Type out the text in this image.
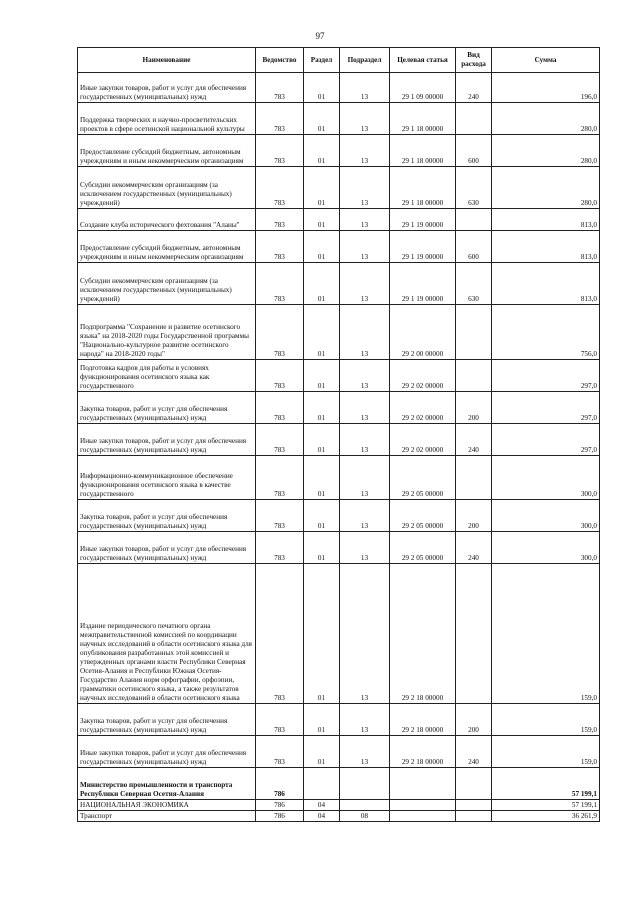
97
Наименование	Ведомство	Раздел	Подраздел	Целевая статья	Вид расхода	Сумма
Иные закупки товаров, работ и услуг для обеспечения государственных (муниципальных) нужд	783	01	13	29 1 09 00000	240	196,0
Поддержка творческих и научно-просветительских проектов в сфере осетинской национальной культуры	783	01	13	29 1 18 00000		280,0
Предоставление субсидий бюджетным, автономным учреждениям и иным некоммерческим организациям	783	01	13	29 1 18 00000	600	280,0
Субсидии некоммерческим организациям (за исключением государственных (муниципальных) учреждений)	783	01	13	29 1 18 00000	630	280,0
Создание клуба исторического фехтования "Аланы"	783	01	13	29 1 19 00000		813,0
Предоставление субсидий бюджетным, автономным учреждениям и иным некоммерческим организациям	783	01	13	29 1 19 00000	600	813,0
Субсидии некоммерческим организациям (за исключением государственных (муниципальных) учреждений)	783	01	13	29 1 19 00000	630	813,0
Подпрограмма "Сохранение и развитие осетинского языка" на 2018-2020 годы Государственной программы "Национально-культурное развитие осетинского народа" на 2018-2020 годы"	783	01	13	29 2 00 00000		756,0
Подготовка кадров для работы в условиях функционирования осетинского языка как государственного	783	01	13	29 2 02 00000		297,0
Закупка товаров, работ и услуг для обеспечения государственных (муниципальных) нужд	783	01	13	29 2 02 00000	200	297,0
Иные закупки товаров, работ и услуг для обеспечения государственных (муниципальных) нужд	783	01	13	29 2 02 00000	240	297,0
Информационно-коммуникационное обеспечение функционирования осетинского языка в качестве государственного	783	01	13	29 2 05 00000		300,0
Закупка товаров, работ и услуг для обеспечения государственных (муниципальных) нужд	783	01	13	29 2 05 00000	200	300,0
Иные закупки товаров, работ и услуг для обеспечения государственных (муниципальных) нужд	783	01	13	29 2 05 00000	240	300,0
Издание периодического печатного органа межправительственной комиссией по координации научных исследований в области осетинского языка для опубликования разработанных этой комиссией и утвержденных органами власти Республики Северная Осетия-Алания и Республики Южная Осетия-Государство Алания норм орфографии, орфоэпии, грамматики осетинского языка, а также результатов научных исследований в области осетинского языка	783	01	13	29 2 18 00000		159,0
Закупка товаров, работ и услуг для обеспечения государственных (муниципальных) нужд	783	01	13	29 2 18 00000	200	159,0
Иные закупки товаров, работ и услуг для обеспечения государственных (муниципальных) нужд	783	01	13	29 2 18 00000	240	159,0
Министерство промышленности и транспорта Республики Северная Осетия-Алания	786					57 199,1
НАЦИОНАЛЬНАЯ ЭКОНОМИКА	786	04				57 199,1
Транспорт	786	04	08			36 261,9
